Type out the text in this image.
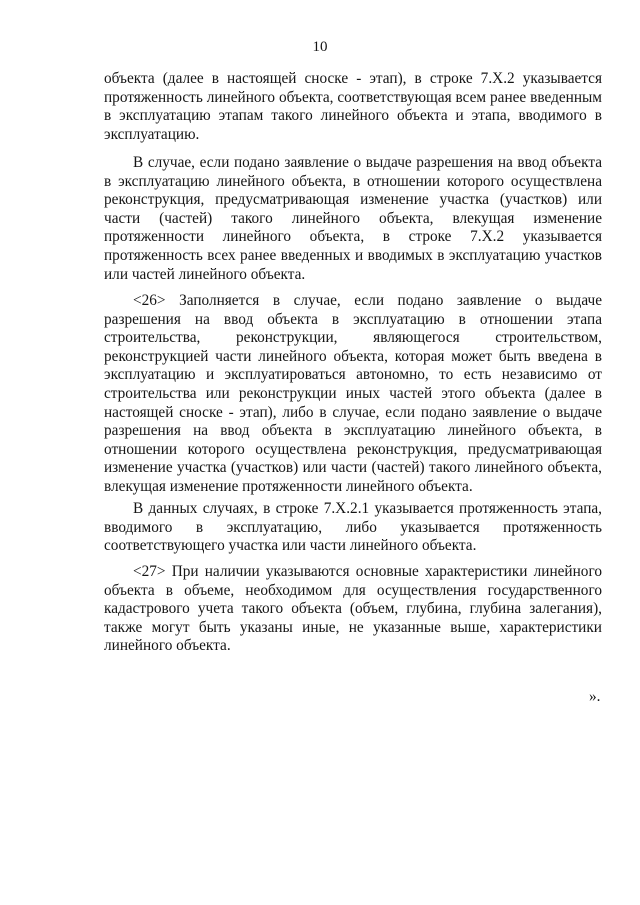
10

объекта (далее в настоящей сноске - этап), в строке 7.Х.2 указывается протяженность линейного объекта, соответствующая всем ранее введенным в эксплуатацию этапам такого линейного объекта и этапа, вводимого в эксплуатацию.

В случае, если подано заявление о выдаче разрешения на ввод объекта в эксплуатацию линейного объекта, в отношении которого осуществлена реконструкция, предусматривающая изменение участка (участков) или части (частей) такого линейного объекта, влекущая изменение протяженности линейного объекта, в строке 7.Х.2 указывается протяженность всех ранее введенных и вводимых в эксплуатацию участков или частей линейного объекта.

<26> Заполняется в случае, если подано заявление о выдаче разрешения на ввод объекта в эксплуатацию в отношении этапа строительства, реконструкции, являющегося строительством, реконструкцией части линейного объекта, которая может быть введена в эксплуатацию и эксплуатироваться автономно, то есть независимо от строительства или реконструкции иных частей этого объекта (далее в настоящей сноске - этап), либо в случае, если подано заявление о выдаче разрешения на ввод объекта в эксплуатацию линейного объекта, в отношении которого осуществлена реконструкция, предусматривающая изменение участка (участков) или части (частей) такого линейного объекта, влекущая изменение протяженности линейного объекта.

В данных случаях, в строке 7.Х.2.1 указывается протяженность этапа, вводимого в эксплуатацию, либо указывается протяженность соответствующего участка или части линейного объекта.

<27> При наличии указываются основные характеристики линейного объекта в объеме, необходимом для осуществления государственного кадастрового учета такого объекта (объем, глубина, глубина залегания), также могут быть указаны иные, не указанные выше, характеристики линейного объекта.

».
